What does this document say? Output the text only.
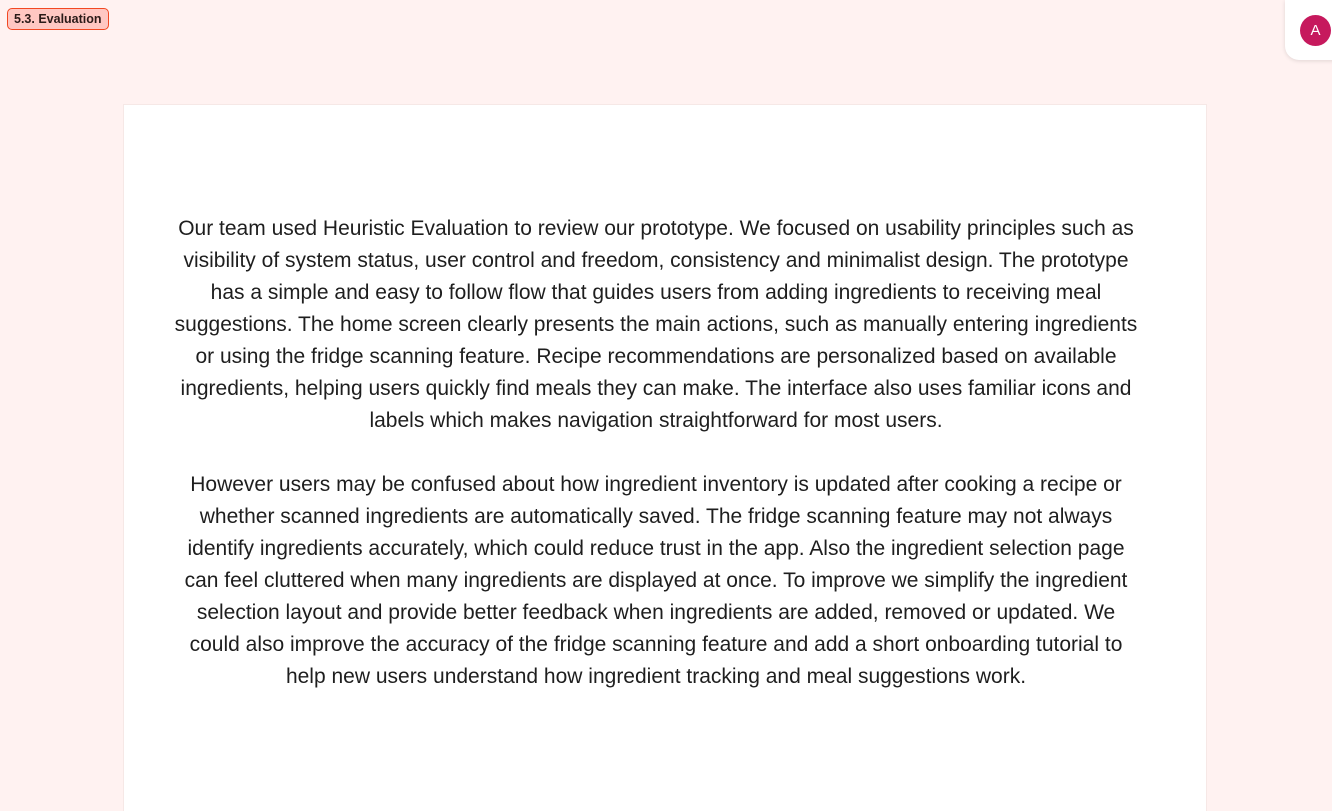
5.3. Evaluation
A

Our team used Heuristic Evaluation to review our prototype. We focused on usability principles such as visibility of system status, user control and freedom, consistency and minimalist design. The prototype has a simple and easy to follow flow that guides users from adding ingredients to receiving meal suggestions. The home screen clearly presents the main actions, such as manually entering ingredients or using the fridge scanning feature. Recipe recommendations are personalized based on available ingredients, helping users quickly find meals they can make. The interface also uses familiar icons and labels which makes navigation straightforward for most users.

However users may be confused about how ingredient inventory is updated after cooking a recipe or whether scanned ingredients are automatically saved. The fridge scanning feature may not always identify ingredients accurately, which could reduce trust in the app. Also the ingredient selection page can feel cluttered when many ingredients are displayed at once. To improve we simplify the ingredient selection layout and provide better feedback when ingredients are added, removed or updated. We could also improve the accuracy of the fridge scanning feature and add a short onboarding tutorial to help new users understand how ingredient tracking and meal suggestions work.
